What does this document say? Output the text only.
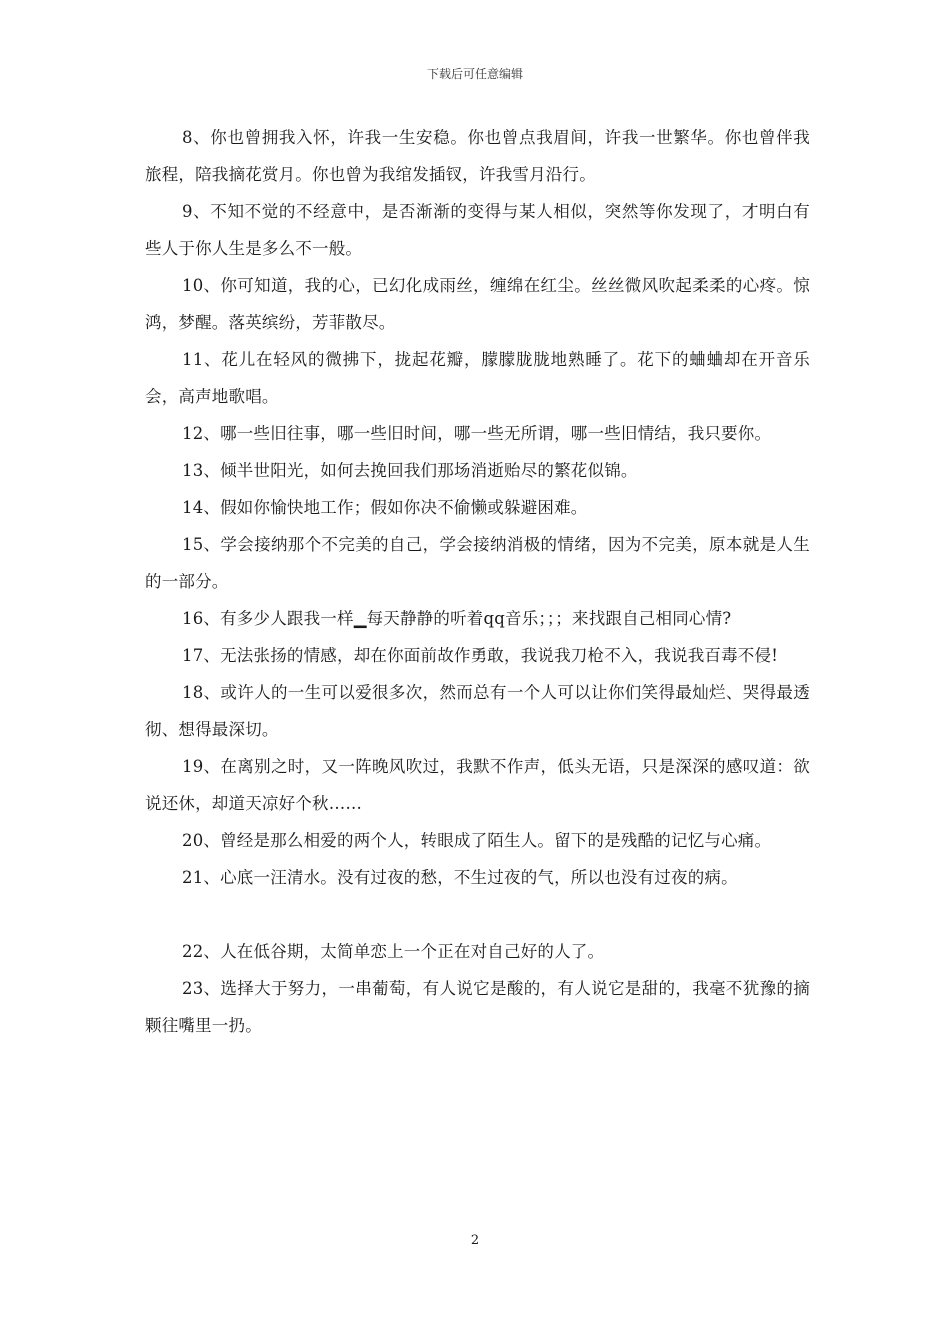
下载后可任意编辑

8、你也曾拥我入怀，许我一生安稳。你也曾点我眉间，许我一世繁华。你也曾伴我旅程，陪我摘花赏月。你也曾为我绾发插钗，许我雪月沿行。

9、不知不觉的不经意中，是否渐渐的变得与某人相似，突然等你发现了，才明白有些人于你人生是多么不一般。

10、你可知道，我的心，已幻化成雨丝，缠绵在红尘。丝丝微风吹起柔柔的心疼。惊鸿，梦醒。落英缤纷，芳菲散尽。

11、花儿在轻风的微拂下，拢起花瓣，朦朦胧胧地熟睡了。花下的蛐蛐却在开音乐会，高声地歌唱。

12、哪一些旧往事，哪一些旧时间，哪一些无所谓，哪一些旧情结，我只要你。

13、倾半世阳光，如何去挽回我们那场消逝贻尽的繁花似锦。

14、假如你愉快地工作；假如你决不偷懒或躲避困难。

15、学会接纳那个不完美的自己，学会接纳消极的情绪，因为不完美，原本就是人生的一部分。

16、有多少人跟我一样▁每天静静的听着qq音乐；；；来找跟自己相同心情?

17、无法张扬的情感，却在你面前故作勇敢，我说我刀枪不入，我说我百毒不侵!

18、或许人的一生可以爱很多次，然而总有一个人可以让你们笑得最灿烂、哭得最透彻、想得最深切。

19、在离别之时，又一阵晚风吹过，我默不作声，低头无语，只是深深的感叹道：欲说还休，却道天凉好个秋……

20、曾经是那么相爱的两个人，转眼成了陌生人。留下的是残酷的记忆与心痛。

21、心底一汪清水。没有过夜的愁，不生过夜的气，所以也没有过夜的病。

22、人在低谷期，太简单恋上一个正在对自己好的人了。

23、选择大于努力，一串葡萄，有人说它是酸的，有人说它是甜的，我毫不犹豫的摘颗往嘴里一扔。

2
